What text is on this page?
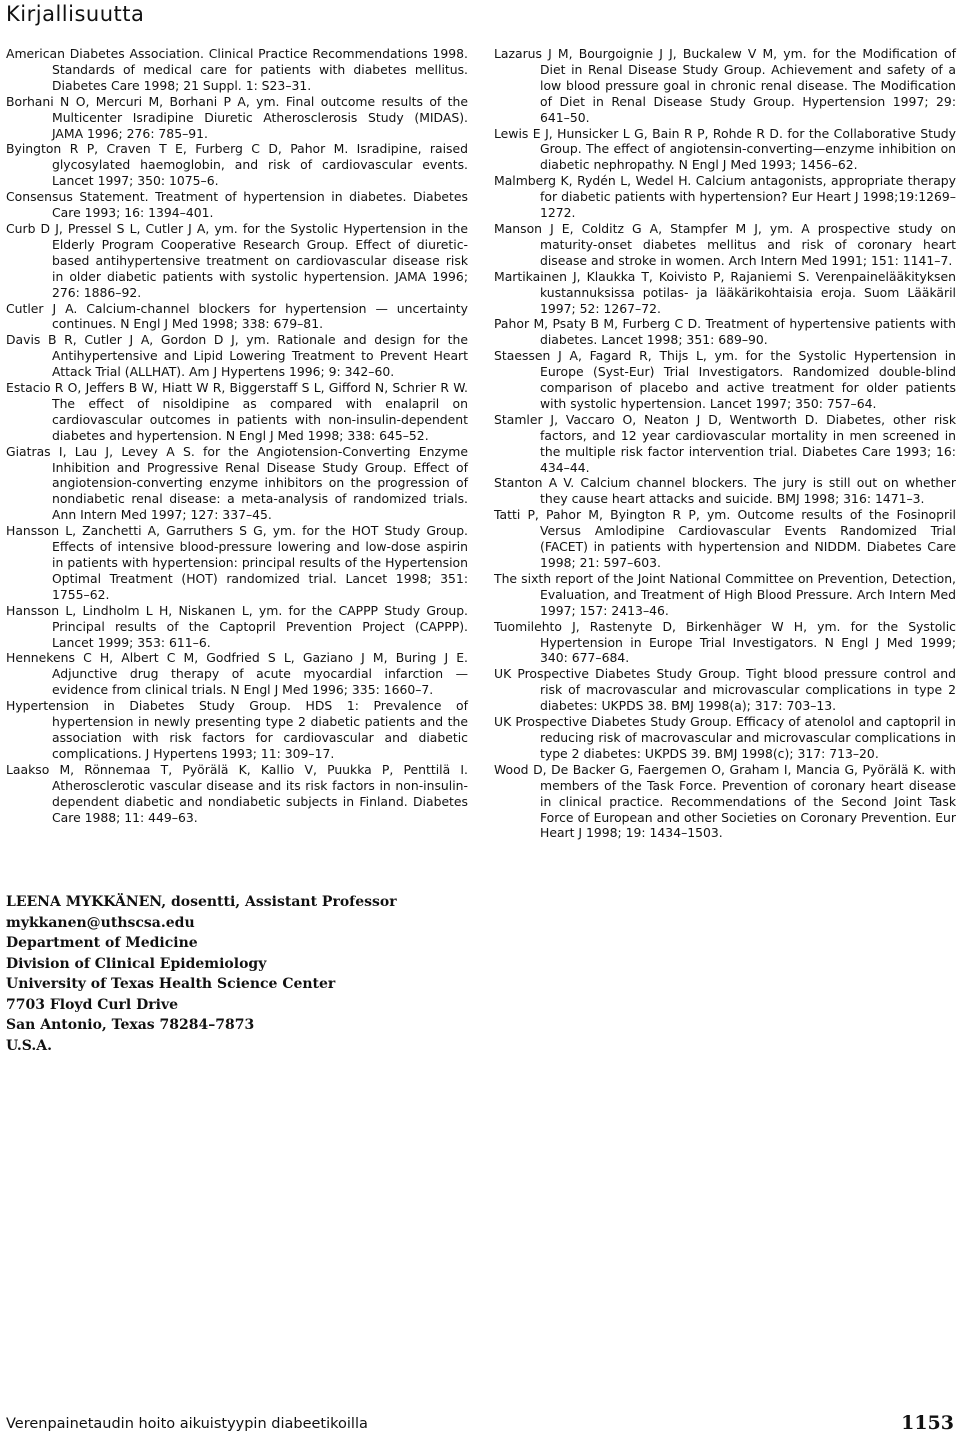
Kirjallisuutta

American Diabetes Association. Clinical Practice Recommendations 1998. Standards of medical care for patients with diabetes mellitus. Diabetes Care 1998; 21 Suppl. 1: S23–31.

Borhani N O, Mercuri M, Borhani P A, ym. Final outcome results of the Multicenter Isradipine Diuretic Atherosclerosis Study (MIDAS). JAMA 1996; 276: 785–91.

Byington R P, Craven T E, Furberg C D, Pahor M. Isradipine, raised glycosylated haemoglobin, and risk of cardiovascular events. Lancet 1997; 350: 1075–6.

Consensus Statement. Treatment of hypertension in diabetes. Diabetes Care 1993; 16: 1394–401.

Curb D J, Pressel S L, Cutler J A, ym. for the Systolic Hypertension in the Elderly Program Cooperative Research Group. Effect of diuretic-based antihypertensive treatment on cardiovascular disease risk in older diabetic patients with systolic hypertension. JAMA 1996; 276: 1886–92.

Cutler J A. Calcium-channel blockers for hypertension — uncertainty continues. N Engl J Med 1998; 338: 679–81.

Davis B R, Cutler J A, Gordon D J, ym. Rationale and design for the Antihypertensive and Lipid Lowering Treatment to Prevent Heart Attack Trial (ALLHAT). Am J Hypertens 1996; 9: 342–60.

Estacio R O, Jeffers B W, Hiatt W R, Biggerstaff S L, Gifford N, Schrier R W. The effect of nisoldipine as compared with enalapril on cardiovascular outcomes in patients with non-insulin-dependent diabetes and hypertension. N Engl J Med 1998; 338: 645–52.

Giatras I, Lau J, Levey A S. for the Angiotension-Converting Enzyme Inhibition and Progressive Renal Disease Study Group. Effect of angiotension-converting enzyme inhibitors on the progression of nondiabetic renal disease: a meta-analysis of randomized trials. Ann Intern Med 1997; 127: 337–45.

Hansson L, Zanchetti A, Garruthers S G, ym. for the HOT Study Group. Effects of intensive blood-pressure lowering and low-dose aspirin in patients with hypertension: principal results of the Hypertension Optimal Treatment (HOT) randomized trial. Lancet 1998; 351: 1755–62.

Hansson L, Lindholm L H, Niskanen L, ym. for the CAPPP Study Group. Principal results of the Captopril Prevention Project (CAPPP). Lancet 1999; 353: 611–6.

Hennekens C H, Albert C M, Godfried S L, Gaziano J M, Buring J E. Adjunctive drug therapy of acute myocardial infarction — evidence from clinical trials. N Engl J Med 1996; 335: 1660–7.

Hypertension in Diabetes Study Group. HDS 1: Prevalence of hypertension in newly presenting type 2 diabetic patients and the association with risk factors for cardiovascular and diabetic complications. J Hypertens 1993; 11: 309–17.

Laakso M, Rönnemaa T, Pyörälä K, Kallio V, Puukka P, Penttilä I. Atherosclerotic vascular disease and its risk factors in non-insulin-dependent diabetic and nondiabetic subjects in Finland. Diabetes Care 1988; 11: 449–63.

Lazarus J M, Bourgoignie J J, Buckalew V M, ym. for the Modification of Diet in Renal Disease Study Group. Achievement and safety of a low blood pressure goal in chronic renal disease. The Modification of Diet in Renal Disease Study Group. Hypertension 1997; 29: 641–50.

Lewis E J, Hunsicker L G, Bain R P, Rohde R D. for the Collaborative Study Group. The effect of angiotensin-converting—enzyme inhibition on diabetic nephropathy. N Engl J Med 1993; 1456–62.

Malmberg K, Rydén L, Wedel H. Calcium antagonists, appropriate therapy for diabetic patients with hypertension? Eur Heart J 1998;19:1269–1272.

Manson J E, Colditz G A, Stampfer M J, ym. A prospective study on maturity-onset diabetes mellitus and risk of coronary heart disease and stroke in women. Arch Intern Med 1991; 151: 1141–7.

Martikainen J, Klaukka T, Koivisto P, Rajaniemi S. Verenpainelääkityksen kustannuksissa potilas- ja lääkärikohtaisia eroja. Suom Lääkäril 1997; 52: 1267–72.

Pahor M, Psaty B M, Furberg C D. Treatment of hypertensive patients with diabetes. Lancet 1998; 351: 689–90.

Staessen J A, Fagard R, Thijs L, ym. for the Systolic Hypertension in Europe (Syst-Eur) Trial Investigators. Randomized double-blind comparison of placebo and active treatment for older patients with systolic hypertension. Lancet 1997; 350: 757–64.

Stamler J, Vaccaro O, Neaton J D, Wentworth D. Diabetes, other risk factors, and 12 year cardiovascular mortality in men screened in the multiple risk factor intervention trial. Diabetes Care 1993; 16: 434–44.

Stanton A V. Calcium channel blockers. The jury is still out on whether they cause heart attacks and suicide. BMJ 1998; 316: 1471–3.

Tatti P, Pahor M, Byington R P, ym. Outcome results of the Fosinopril Versus Amlodipine Cardiovascular Events Randomized Trial (FACET) in patients with hypertension and NIDDM. Diabetes Care 1998; 21: 597–603.

The sixth report of the Joint National Committee on Prevention, Detection, Evaluation, and Treatment of High Blood Pressure. Arch Intern Med 1997; 157: 2413–46.

Tuomilehto J, Rastenyte D, Birkenhäger W H, ym. for the Systolic Hypertension in Europe Trial Investigators. N Engl J Med 1999; 340: 677–684.

UK Prospective Diabetes Study Group. Tight blood pressure control and risk of macrovascular and microvascular complications in type 2 diabetes: UKPDS 38. BMJ 1998(a); 317: 703–13.

UK Prospective Diabetes Study Group. Efficacy of atenolol and captopril in reducing risk of macrovascular and microvascular complications in type 2 diabetes: UKPDS 39. BMJ 1998(c); 317: 713–20.

Wood D, De Backer G, Faergemen O, Graham I, Mancia G, Pyörälä K. with members of the Task Force. Prevention of coronary heart disease in clinical practice. Recommendations of the Second Joint Task Force of European and other Societies on Coronary Prevention. Eur Heart J 1998; 19: 1434–1503.

LEENA MYKKÄNEN, dosentti, Assistant Professor
mykkanen@uthscsa.edu
Department of Medicine
Division of Clinical Epidemiology
University of Texas Health Science Center
7703 Floyd Curl Drive
San Antonio, Texas 78284–7873
U.S.A.
Verenpainetaudin hoito aikuistyypin diabeetikoilla	1153
